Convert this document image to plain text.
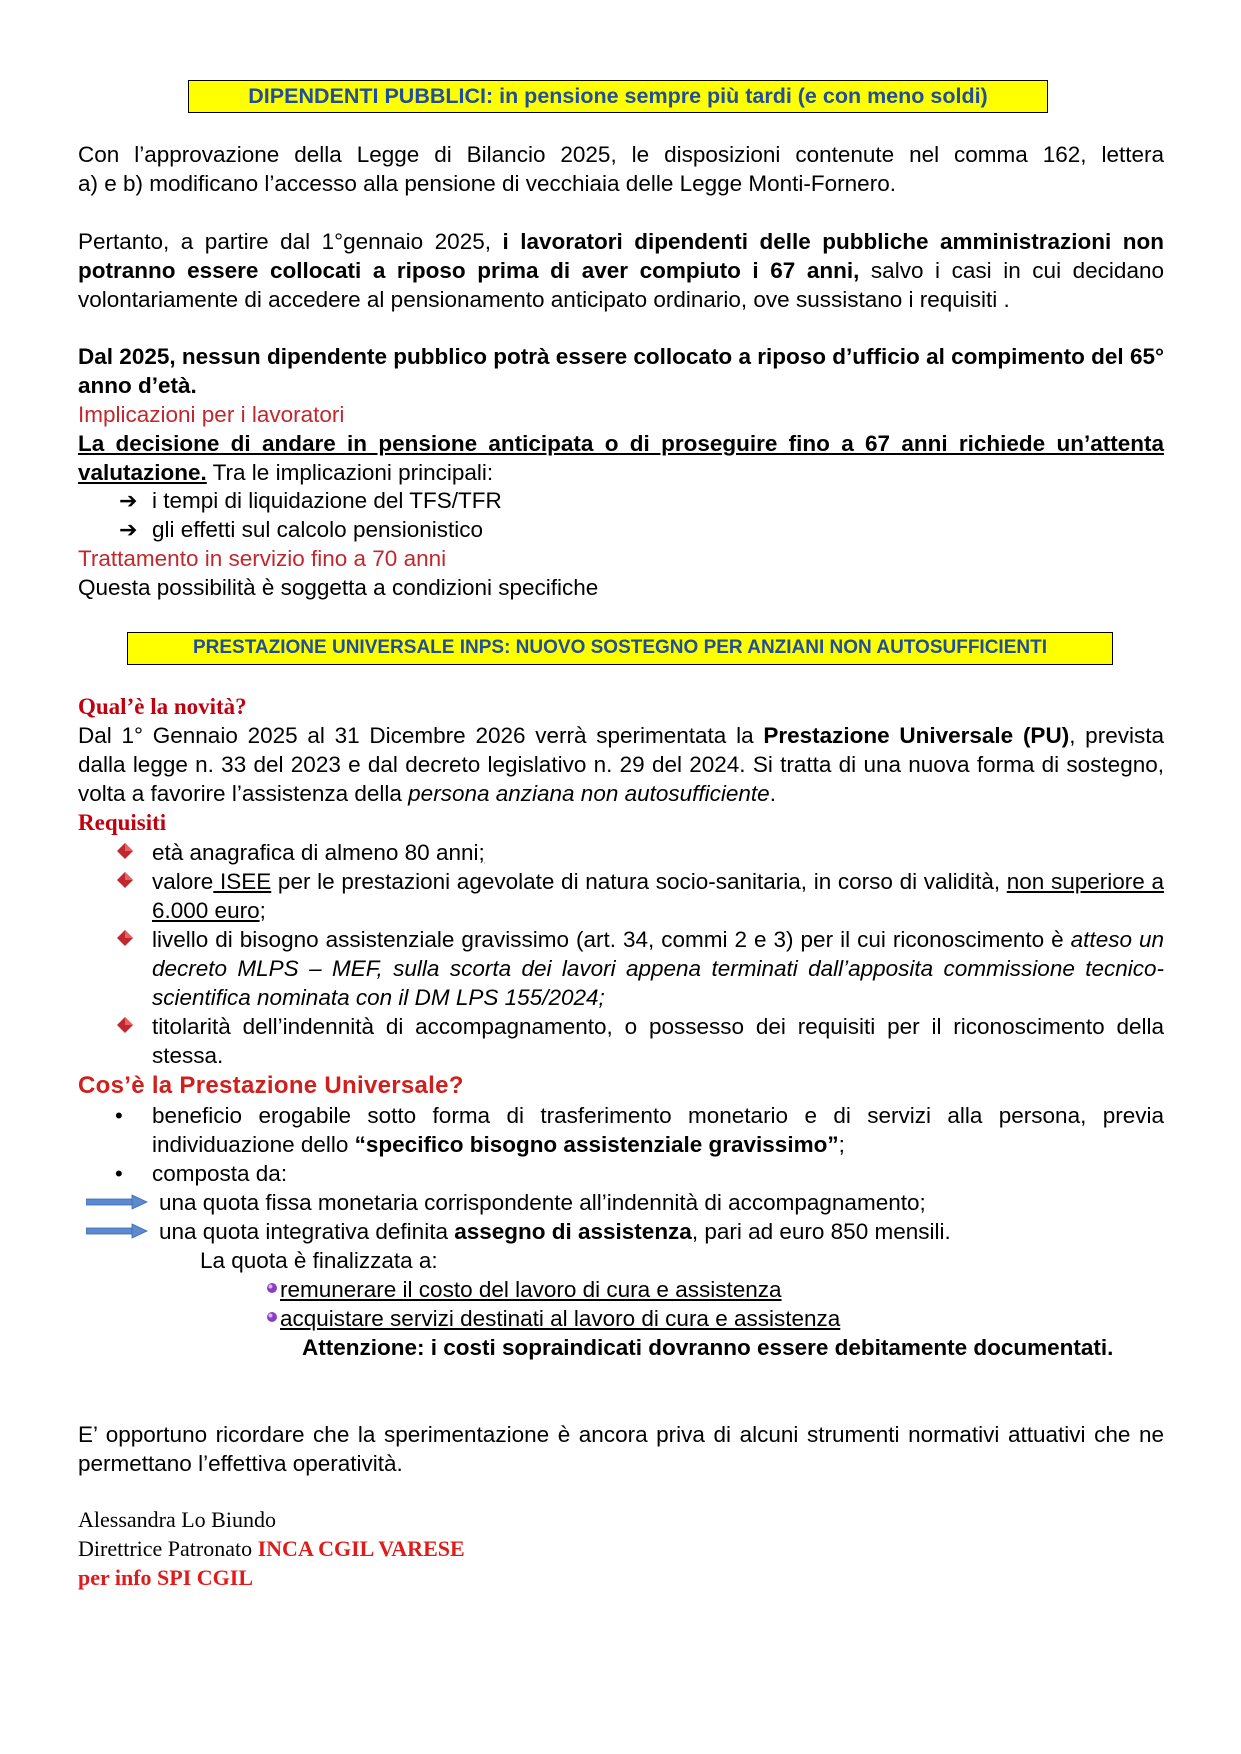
DIPENDENTI PUBBLICI: in pensione sempre più tardi (e con meno soldi)
Con l’approvazione della Legge di Bilancio 2025, le disposizioni contenute nel comma 162, lettera
a) e b) modificano l’accesso alla pensione di vecchiaia delle Legge Monti-Fornero.
Pertanto, a partire dal 1°gennaio 2025, i lavoratori dipendenti delle pubbliche amministrazioni non potranno essere collocati a riposo prima di aver compiuto i 67 anni, salvo i casi in cui decidano volontariamente di accedere al pensionamento anticipato ordinario, ove sussistano i requisiti .
Dal 2025, nessun dipendente pubblico potrà essere collocato a riposo d’ufficio al compimento del 65° anno d’età.
Implicazioni per i lavoratori
La decisione di andare in pensione anticipata o di proseguire fino a 67 anni richiede un’attenta valutazione. Tra le implicazioni principali:
➔ i tempi di liquidazione del TFS/TFR
➔ gli effetti sul calcolo pensionistico
Trattamento in servizio fino a 70 anni
Questa possibilità è soggetta a condizioni specifiche
PRESTAZIONE UNIVERSALE INPS: NUOVO SOSTEGNO PER ANZIANI NON AUTOSUFFICIENTI
Qual’è la novità?
Dal 1° Gennaio 2025 al 31 Dicembre 2026 verrà sperimentata la Prestazione Universale (PU), prevista dalla legge n. 33 del 2023 e dal decreto legislativo n. 29 del 2024. Si tratta di una nuova forma di sostegno, volta a favorire l’assistenza della persona anziana non autosufficiente.
Requisiti
età anagrafica di almeno 80 anni;
valore ISEE per le prestazioni agevolate di natura socio-sanitaria, in corso di validità, non superiore a 6.000 euro;
livello di bisogno assistenziale gravissimo (art. 34, commi 2 e 3) per il cui riconoscimento è atteso un decreto MLPS – MEF, sulla scorta dei lavori appena terminati dall’apposita commissione tecnico-scientifica nominata con il DM LPS 155/2024;
titolarità dell’indennità di accompagnamento, o possesso dei requisiti per il riconoscimento della stessa.
Cos’è la Prestazione Universale?
• beneficio erogabile sotto forma di trasferimento monetario e di servizi alla persona, previa individuazione dello “specifico bisogno assistenziale gravissimo”;
• composta da:
una quota fissa monetaria corrispondente all’indennità di accompagnamento;
una quota integrativa definita assegno di assistenza, pari ad euro 850 mensili.
La quota è finalizzata a:
remunerare il costo del lavoro di cura e assistenza
acquistare servizi destinati al lavoro di cura e assistenza
Attenzione: i costi sopraindicati dovranno essere debitamente documentati.
E’ opportuno ricordare che la sperimentazione è ancora priva di alcuni strumenti normativi attuativi che ne permettano l’effettiva operatività.
Alessandra Lo Biundo
Direttrice Patronato INCA CGIL VARESE
per info SPI CGIL
